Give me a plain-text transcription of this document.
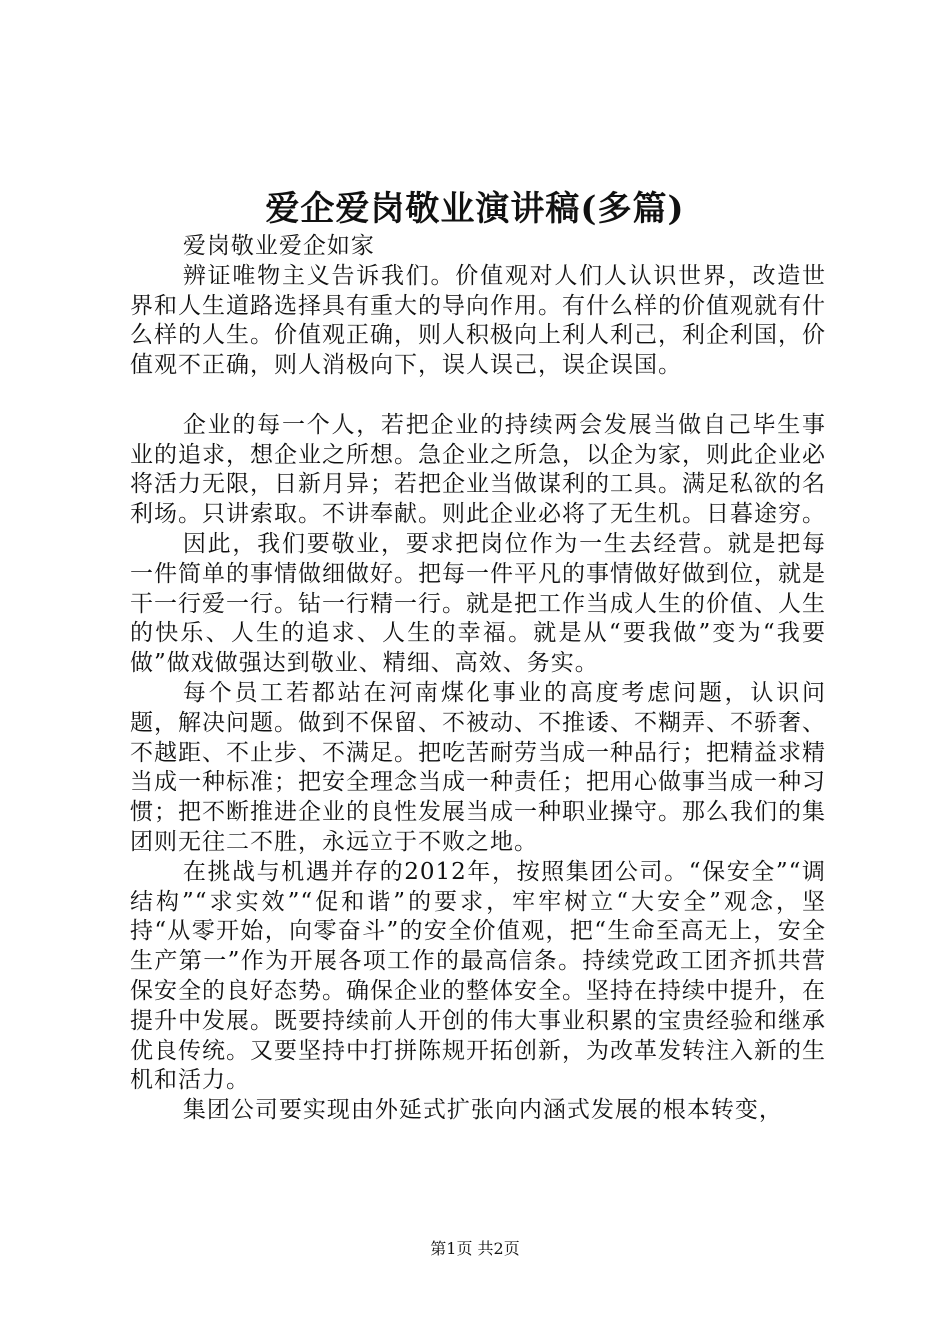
爱企爱岗敬业演讲稿(多篇)

爱岗敬业爱企如家

辨证唯物主义告诉我们。价值观对人们人认识世界，改造世界和人生道路选择具有重大的导向作用。有什么样的价值观就有什么样的人生。价值观正确，则人积极向上利人利己，利企利国，价值观不正确，则人消极向下，误人误己，误企误国。

企业的每一个人，若把企业的持续两会发展当做自己毕生事业的追求，想企业之所想。急企业之所急，以企为家，则此企业必将活力无限，日新月异；若把企业当做谋利的工具。满足私欲的名利场。只讲索取。不讲奉献。则此企业必将了无生机。日暮途穷。

因此，我们要敬业，要求把岗位作为一生去经营。就是把每一件简单的事情做细做好。把每一件平凡的事情做好做到位，就是干一行爱一行。钻一行精一行。就是把工作当成人生的价值、人生的快乐、人生的追求、人生的幸福。就是从“要我做”变为“我要做”做戏做强达到敬业、精细、高效、务实。

每个员工若都站在河南煤化事业的高度考虑问题，认识问题，解决问题。做到不保留、不被动、不推诿、不糊弄、不骄奢、不越距、不止步、不满足。把吃苦耐劳当成一种品行；把精益求精当成一种标准；把安全理念当成一种责任；把用心做事当成一种习惯；把不断推进企业的良性发展当成一种职业操守。那么我们的集团则无往二不胜，永远立于不败之地。

在挑战与机遇并存的2012年，按照集团公司。“保安全”“调结构”“求实效”“促和谐”的要求，牢牢树立“大安全”观念，坚持“从零开始，向零奋斗”的安全价值观，把“生命至高无上，安全生产第一”作为开展各项工作的最高信条。持续党政工团齐抓共营保安全的良好态势。确保企业的整体安全。坚持在持续中提升，在提升中发展。既要持续前人开创的伟大事业积累的宝贵经验和继承优良传统。又要坚持中打拼陈规开拓创新，为改革发转注入新的生机和活力。

集团公司要实现由外延式扩张向内涵式发展的根本转变，

第1页 共2页
